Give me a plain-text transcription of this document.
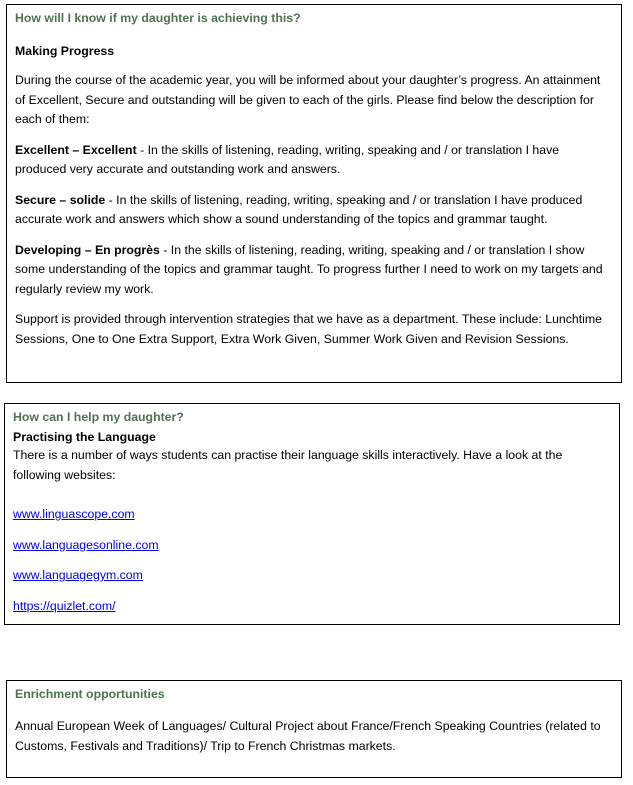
How will I know if my daughter is achieving this?
Making Progress

During the course of the academic year, you will be informed about your daughter’s progress. An attainment of Excellent, Secure and outstanding will be given to each of the girls. Please find below the description for each of them:

Excellent – Excellent - In the skills of listening, reading, writing, speaking and / or translation I have produced very accurate and outstanding work and answers.

Secure – solide - In the skills of listening, reading, writing, speaking and / or translation I have produced accurate work and answers which show a sound understanding of the topics and grammar taught.

Developing – En progrès - In the skills of listening, reading, writing, speaking and / or translation I show some understanding of the topics and grammar taught. To progress further I need to work on my targets and regularly review my work.

Support is provided through intervention strategies that we have as a department. These include: Lunchtime Sessions, One to One Extra Support, Extra Work Given, Summer Work Given and Revision Sessions.

How can I help my daughter?
Practising the Language

There is a number of ways students can practise their language skills interactively. Have a look at the following websites:

www.linguascope.com

www.languagesonline.com

www.languagegym.com

https://quizlet.com/

Enrichment opportunities

Annual European Week of Languages/ Cultural Project about France/French Speaking Countries (related to Customs, Festivals and Traditions)/ Trip to French Christmas markets.
